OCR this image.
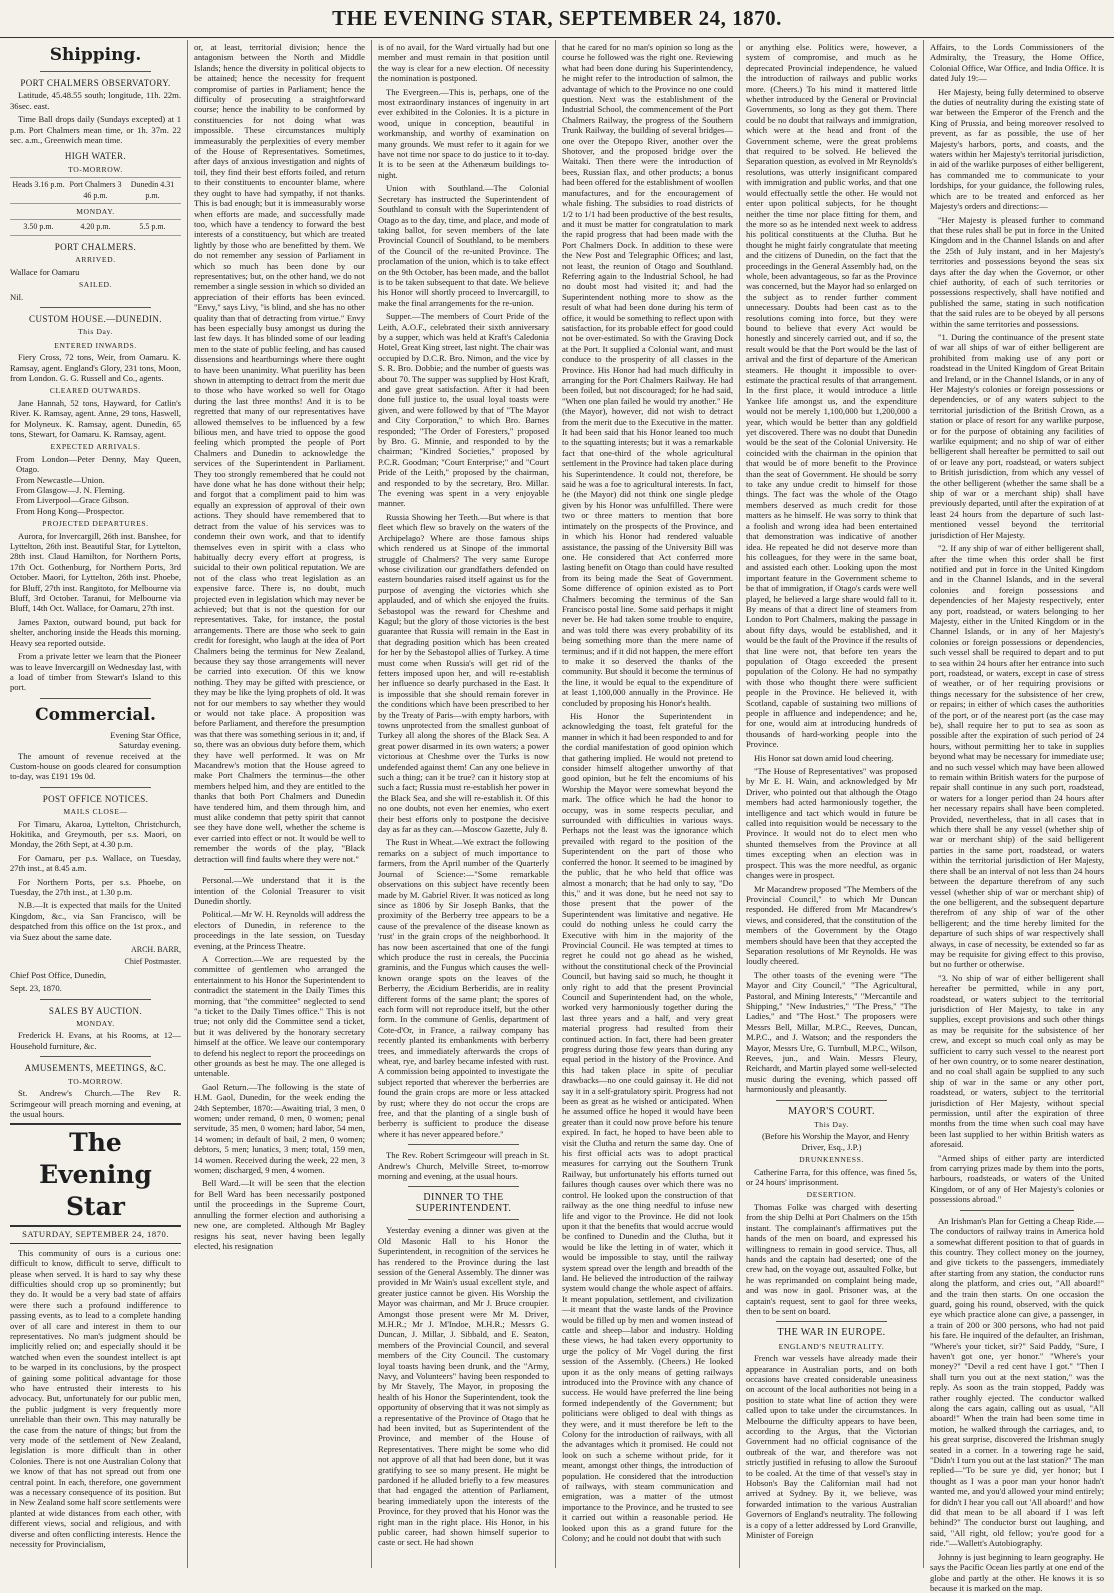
THE EVENING STAR, SEPTEMBER 24, 1870.
Shipping.
PORT CHALMERS OBSERVATORY.

Latitude, 45.48.55 south; longitude, 11h. 22m. 36sec. east.

Time Ball drops daily (Sundays excepted) at 1 p.m. Port Chalmers mean time, or 1h. 37m. 22 sec. a.m., Greenwich mean time.

HIGH WATER.
TO-MORROW.
Heads 3.16 p.m. Port Chalmers 3 46 p.m.
Dunedin 4.31 p.m.
MONDAY.
3.50 p.m.	4.20 p.m.	5.5 p.m.
PORT CHALMERS.
ARRIVED.

Wallace for Oamaru

SAILED.

Nil.

CUSTOM HOUSE.—DUNEDIN.
This Day.
ENTERED INWARDS.

Fiery Cross, 72 tons, Weir, from Oamaru. K. Ramsay, agent. England's Glory, 231 tons, Moon, from London. G. G. Russell and Co., agents.

CLEARED OUTWARDS.

Jane Hannah, 52 tons, Hayward, for Catlin's River. K. Ramsay, agent. Anne, 29 tons, Haswell, for Molyneux. K. Ramsay, agent. Dunedin, 65 tons, Stewart, for Oamaru. K. Ramsay, agent.

EXPECTED ARRIVALS.

From London—Peter Denny, May Queen, Otago.

From Newcastle—Union.

From Glasgow—J. N. Fleming.

From Liverpool—Grace Gibson.

From Hong Kong—Prospector.

PROJECTED DEPARTURES.

Aurora, for Invercargill, 26th inst. Banshee, for Lyttelton, 26th inst. Beautiful Star, for Lyttelton, 28th inst. Claud Hamilton, for Northern Ports, 17th Oct. Gothenburg, for Northern Ports, 3rd October. Maori, for Lyttelton, 26th inst. Phoebe, for Bluff, 27th inst. Rangitoto, for Melbourne via Bluff, 3rd October. Taranui, for Melbourne via Bluff, 14th Oct. Wallace, for Oamaru, 27th inst.

James Paxton, outward bound, put back for shelter, anchoring inside the Heads this morning. Heavy sea reported outside.

From a private letter we learn that the Pioneer was to leave Invercargill on Wednesday last, with a load of timber from Stewart's Island to this port.

Commercial.
Evening Star Office,
Saturday evening.

The amount of revenue received at the Custom-house on goods cleared for consumption to-day, was £191 19s 0d.

POST OFFICE NOTICES.
MAILS CLOSE—

For Timaru, Akaroa, Lyttelton, Christchurch, Hokitika, and Greymouth, per s.s. Maori, on Monday, the 26th Sept, at 4.30 p.m.

For Oamaru, per p.s. Wallace, on Tuesday, 27th inst., at 8.45 a.m.

For Northern Ports, per s.s. Phoebe, on Tuesday, the 27th inst., at 1.30 p.m.

N.B.—It is expected that mails for the United Kingdom, &c., via San Francisco, will be despatched from this office on the 1st prox., and via Suez about the same date.

ARCH. BARR,
Chief Postmaster.

Chief Post Office, Dunedin,

Sept. 23, 1870.

SALES BY AUCTION.
MONDAY.

Frederick H. Evans, at his Rooms, at 12—Household furniture, &c.

AMUSEMENTS, MEETINGS, &C.
TO-MORROW.

St. Andrew's Church.—The Rev R. Scrimgeour will preach morning and evening, at the usual hours.

The Evening Star
SATURDAY, SEPTEMBER 24, 1870.

This community of ours is a curious one: difficult to know, difficult to serve, difficult to please when served. It is hard to say why these difficulties should crop up so prominently; but they do. It would be a very bad state of affairs were there such a profound indifference to passing events, as to lead to a complete handing over of all care and interest in them to our representatives. No man's judgment should be implicitly relied on; and especially should it be watched when even the soundest intellect is apt to be warped in its conclusions, by the prospect of gaining some political advantage for those who have entrusted their interests to his advocacy. But, unfortunately for our public men, the public judgment is very frequently more unreliable than their own. This may naturally be the case from the nature of things; but from the very mode of the settlement of New Zealand, legislation is more difficult than in other Colonies. There is not one Australian Colony that we know of that has not spread out from one central point. In each, therefore, one government was a necessary consequence of its position. But in New Zealand some half score settlements were planted at wide distances from each other, with different views, social and religious, and with diverse and often conflicting interests. Hence the necessity for Provincialism,

or, at least, territorial division; hence the antagonism between the North and Middle Islands; hence the diversity in political objects to be attained; hence the necessity for frequent compromise of parties in Parliament; hence the difficulty of prosecuting a straightforward course; hence the inability to be conformed by constituencies for not doing what was impossible. These circumstances multiply immeasurably the perplexities of every member of the House of Representatives. Sometimes, after days of anxious investigation and nights of toil, they find their best efforts foiled, and return to their constituents to encounter blame, where they ought to have had sympathy, if not thanks. This is bad enough; but it is immeasurably worse when efforts are made, and successfully made too, which have a tendency to forward the best interests of a constituency, but which are treated lightly by those who are benefitted by them. We do not remember any session of Parliament in which so much has been done by our representatives; but, on the other hand, we do not remember a single session in which so divided an appreciation of their efforts has been evinced. "Envy," says Livy, "is blind, and she has no other quality than that of detracting from virtue." Envy has been especially busy amongst us during the last few days. It has blinded some of our leading men to the state of public feeling, and has caused dissensions and heartburnings where there ought to have been unanimity. What puerility has been shown in attempting to detract from the merit due to those who have worked so well for Otago during the last three months! And it is to be regretted that many of our representatives have allowed themselves to be influenced by a few bilious men, and have tried to oppose the good feeling which prompted the people of Port Chalmers and Dunedin to acknowledge the services of the Superintendent in Parliament. They too strongly remembered that he could not have done what he has done without their help; and forgot that a compliment paid to him was equally an expression of approval of their own actions. They should have remembered that to detract from the value of his services was to condemn their own work, and that to identify themselves even in spirit with a class who habitually decry every effort at progress, is suicidal to their own political reputation. We are not of the class who treat legislation as an expensive farce. There is, no doubt, much projected even in legislation which may never be achieved; but that is not the question for our representatives. Take, for instance, the postal arrangements. There are those who seek to gain credit for foresight, who laugh at the idea of Port Chalmers being the terminus for New Zealand, because they say those arrangements will never be carried into execution. Of this we know nothing. They may be gifted with prescience, or they may be like the lying prophets of old. It was not for our members to say whether they would or would not take place. A proposition was before Parliament, and therefore the presumption was that there was something serious in it; and, if so, there was an obvious duty before them, which they have well performed. It was on Mr Macandrew's motion that the House agreed to make Port Chalmers the terminus—the other members helped him, and they are entitled to the thanks that both Port Chalmers and Dunedin have tendered him, and them through him, and must alike condemn that petty spirit that cannot see they have done well, whether the scheme is ever carried into effect or not. It would be well to remember the words of the play, "Black detraction will find faults where they were not."

Personal.—We understand that it is the intention of the Colonial Treasurer to visit Dunedin shortly.

Political.—Mr W. H. Reynolds will address the electors of Dunedin, in reference to the proceedings in the late session, on Tuesday evening, at the Princess Theatre.

A Correction.—We are requested by the committee of gentlemen who arranged the entertainment to his Honor the Superintendent to contradict the statement in the Daily Times this morning, that "the committee" neglected to send "a ticket to the Daily Times office." This is not true; not only did the Committee send a ticket, but it was delivered by the honorary secretary himself at the office. We leave our contemporary to defend his neglect to report the proceedings on other grounds as best he may. The one alleged is untenable.

Gaol Return.—The following is the state of H.M. Gaol, Dunedin, for the week ending the 24th September, 1870:—Awaiting trial, 3 men, 0 women; under remand, 0 men, 0 women; penal servitude, 35 men, 0 women; hard labor, 54 men, 14 women; in default of bail, 2 men, 0 women; debtors, 5 men; lunatics, 3 men; total, 159 men, 14 women. Received during the week, 22 men, 3 women; discharged, 9 men, 4 women.

Bell Ward.—It will be seen that the election for Bell Ward has been necessarily postponed until the proceedings in the Supreme Court, annulling the former election and authorising a new one, are completed. Although Mr Bagley resigns his seat, never having been legally elected, his resignation

is of no avail, for the Ward virtually had but one member and must remain in that position until the way is clear for a new election. Of necessity the nomination is postponed.

The Evergreen.—This is, perhaps, one of the most extraordinary instances of ingenuity in art ever exhibited in the Colonies. It is a picture in wood, unique in conception, beautiful in workmanship, and worthy of examination on many grounds. We must refer to it again for we have not time nor space to do justice to it to-day. It is to be seen at the Athenæum buildings to-night.

Union with Southland.—The Colonial Secretary has instructed the Superintendent of Southland to consult with the Superintendent of Otago as to the day, time, and place, and mode of taking ballot, for seven members of the late Provincial Council of Southland, to be members of the Council of the re-united Province. The proclamation of the union, which is to take effect on the 9th October, has been made, and the ballot is to be taken subsequent to that date. We believe his Honor will shortly proceed to Invercargill, to make the final arrangements for the re-union.

Supper.—The members of Court Pride of the Leith, A.O.F., celebrated their sixth anniversary by a supper, which was held at Kraft's Caledonia Hotel, Great King street, last night. The chair was occupied by D.C.R. Bro. Nimon, and the vice by S. R. Bro. Dobbie; and the number of guests was about 70. The supper was supplied by Host Kraft, and gave great satisfaction. After it had been done full justice to, the usual loyal toasts were given, and were followed by that of "The Mayor and City Corporation," to which Bro. Barnes responded; "The Order of Foresters," proposed by Bro. G. Minnie, and responded to by the chairman; "Kindred Societies," proposed by P.C.R. Goodman; "Court Enterprise;" and "Court Pride of the Leith," proposed by the chairman, and responded to by the secretary, Bro. Millar. The evening was spent in a very enjoyable manner.

Russia Showing her Teeth.—But where is that fleet which flew so bravely on the waters of the Archipelago? Where are those famous ships which rendered us at Sinope of the immortal struggle of Chalmers? The very same Europe whose civilization our grandfathers defended on eastern boundaries raised itself against us for the purpose of avenging the victories which she applauded, and of which she enjoyed the fruits. Sebastopol was the reward for Cheshme and Kagul; but the glory of those victories is the best guarantee that Russia will remain in the East in that degrading position which has been created for her by the Sebastopol allies of Turkey. A time must come when Russia's will get rid of the fetters imposed upon her, and will re-establish her influence so dearly purchased in the East. It is impossible that she should remain forever in the conditions which have been prescribed to her by the Treaty of Paris—with empty harbors, with towns unprotected from the smallest gunboat of Turkey all along the shores of the Black Sea. A great power disarmed in its own waters; a power victorious at Cheshme over the Turks is now undefended against them! Can any one believe in such a thing; can it be true? can it history stop at such a fact; Russia must re-establish her power in the Black Sea, and she will re-establish it. Of this no one doubts, not even her enemies, who exert their best efforts only to postpone the decisive day as far as they can.—Moscow Gazette, July 8.

The Rust in Wheat.—We extract the following remarks on a subject of much importance to farmers, from the April number of the Quarterly Journal of Science:—"Some remarkable observations on this subject have recently been made by M. Gabriel River. It was noticed as long since as 1806 by Sir Joseph Banks, that the proximity of the Berberry tree appears to be a cause of the prevalence of the disease known as 'rust' in the grain crops of the neighborhood. It has now been ascertained that one of the fungi which produce the rust in cereals, the Puccinia graminis, and the Fungus which causes the well-known orange spots on the leaves of the Berberry, the Æcidium Berberidis, are in reality different forms of the same plant; the spores of each form will not reproduce itself, but the other form. In the commune of Genlis, department of Cote-d'Or, in France, a railway company has recently planted its embankments with berberry trees, and immediately afterwards the crops of wheat, rye, and barley became infested with rust. A commission being appointed to investigate the subject reported that wherever the berberries are found the grain crops are more or less attacked by rust; where they do not occur the crops are free, and that the planting of a single bush of berberry is sufficient to produce the disease where it has never appeared before."

The Rev. Robert Scrimgeour will preach in St. Andrew's Church, Melville Street, to-morrow morning and evening, at the usual hours.

DINNER TO THE SUPERINTENDENT.

Yesterday evening a dinner was given at the Old Masonic Hall to his Honor the Superintendent, in recognition of the services he has rendered to the Province during the last session of the General Assembly. The dinner was provided in Mr Wain's usual excellent style, and greater justice cannot be given. His Worship the Mayor was chairman, and Mr J. Bruce croupier. Amongst those present were Mr M. Driver, M.H.R.; Mr J. M'Indoe, M.H.R.; Messrs G. Duncan, J. Millar, J. Sibbald, and E. Seaton, members of the Provincial Council, and several members of the City Council. The customary loyal toasts having been drunk, and the "Army, Navy, and Volunteers" having been responded to by Mr Stavely, The Mayor, in proposing the health of his Honor the Superintendent, took the opportunity of observing that it was not simply as a representative of the Province of Otago that he had been invited, but as Superintendent of the Province, and member of the House of Representatives. There might be some who did not approve of all that had been done, but it was gratifying to see so many present. He might be pardoned if he alluded briefly to a few measures that had engaged the attention of Parliament, bearing immediately upon the interests of the Province, for they proved that his Honor was the right man in the right place. His Honor, in his public career, had shown himself superior to caste or sect. He had shown

that he cared for no man's opinion so long as the course he followed was the right one. Reviewing what had been done during his Superintendency, he might refer to the introduction of salmon, the advantage of which to the Province no one could question. Next was the establishment of the Industrial School, the commencement of the Port Chalmers Railway, the progress of the Southern Trunk Railway, the building of several bridges—one over the Otepopo River, another over the Shotover, and the proposed bridge over the Waitaki. Then there were the introduction of bees, Russian flax, and other products; a bonus had been offered for the establishment of woollen manufactures, and for the encouragement of whale fishing. The subsidies to road districts of 1/2 to 1/1 had been productive of the best results, and it must be matter for congratulation to mark the rapid progress that had been made with the Port Chalmers Dock. In addition to these were the New Post and Telegraphic Offices; and last, not least, the reunion of Otago and Southland. Referring again to the Industrial School, he had no doubt most had visited it; and had the Superintendent nothing more to show as the result of what had been done during his term of office, it would be something to reflect upon with satisfaction, for its probable effect for good could not be over-estimated. So with the Graving Dock at the Port. It supplied a Colonial want, and must conduce to the prosperity of all classes in the Province. His Honor had had much difficulty in arranging for the Port Chalmers Railway. He had been foiled, but not discouraged; for he had said, "When one plan failed he would try another." He (the Mayor), however, did not wish to detract from the merit due to the Executive in the matter. It had been said that his Honor leaned too much to the squatting interests; but it was a remarkable fact that one-third of the whole agricultural settlement in the Province had taken place during his Superintendence. It could not, therefore, be said he was a foe to agricultural interests. In fact, he (the Mayor) did not think one single pledge given by his Honor was unfulfilled. There were two or three matters to mention that bore intimately on the prospects of the Province, and in which his Honor had rendered valuable assistance, the passing of the University Bill was one. He considered that Act conferred more lasting benefit on Otago than could have resulted from its being made the Seat of Government. Some difference of opinion existed as to Port Chalmers becoming the terminus of the San Francisco postal line. Some said perhaps it might never be. He had taken some trouble to enquire, and was told there was every probability of its being something more than the mere name of terminus; and if it did not happen, the mere effort to make it so deserved the thanks of the community. But should it become the terminus of the line, it would be equal to the expenditure of at least 1,100,000 annually in the Province. He concluded by proposing his Honor's health.

His Honor the Superintendent in acknowledging the toast, felt grateful for the manner in which it had been responded to and for the cordial manifestation of good opinion which that gathering implied. He would not pretend to consider himself altogether unworthy of that good opinion, but he felt the encomiums of his Worship the Mayor were somewhat beyond the mark. The office which he had the honor to occupy, was in some respects peculiar, and surrounded with difficulties in various ways. Perhaps not the least was the ignorance which prevailed with regard to the position of the Superintendent on the part of those who conferred the honor. It seemed to be imagined by the public, that he who held that office was almost a monarch; that he had only to say, "Do this," and it was done, but he need not say to those present that the power of the Superintendent was limitative and negative. He could do nothing unless he could carry the Executive with him in the majority of the Provincial Council. He was tempted at times to regret he could not go ahead as he wished, without the constitutional check of the Provincial Council, but having said so much, he thought it only right to add that the present Provincial Council and Superintendent had, on the whole, worked very harmoniously together during the last three years and a half, and very great material progress had resulted from their continued action. In fact, there had been greater progress during those few years than during any equal period in the history of the Province. And this had taken place in spite of peculiar drawbacks—no one could gainsay it. He did not say it in a self-gratulatory spirit. Progress had not been as great as he wished or anticipated. When he assumed office he hoped it would have been greater than it could now prove before his tenure expired. In fact, he hoped to have been able to visit the Clutha and return the same day. One of his first official acts was to adopt practical measures for carrying out the Southern Trunk Railway, but unfortunately his efforts turned out failures though causes over which there was no control. He looked upon the construction of that railway as the one thing needful to infuse new life and vigor to the Province. He did not look upon it that the benefits that would accrue would be confined to Dunedin and the Clutha, but it would be like the letting in of water, which it would be impossible to stay, until the railway system spread over the length and breadth of the land. He believed the introduction of the railway system would change the whole aspect of affairs. It meant population, settlement, and civilization—it meant that the waste lands of the Province would be filled up by men and women instead of cattle and sheep—labor and industry. Holding these views, he had taken every opportunity to urge the policy of Mr Vogel during the first session of the Assembly. (Cheers.) He looked upon it as the only means of getting railways introduced into the Province with any chance of success. He would have preferred the line being formed independently of the Government; but politicians were obliged to deal with things as they were, and it must therefore be left to the Colony for the introduction of railways, with all the advantages which it promised. He could not look on such a scheme without pride, for it meant, amongst other things, the introduction of population. He considered that the introduction of railways, with steam communication and emigration, was a matter of the utmost importance to the Province, and he trusted to see it carried out within a reasonable period. He looked upon this as a grand future for the Colony; and he could not doubt that with such

or anything else. Politics were, however, a system of compromise, and much as he deprecated Provincial independence, he valued the introduction of railways and public works more. (Cheers.) To his mind it mattered little whether introduced by the General or Provincial Governments, so long as they got them. There could be no doubt that railways and immigration, which were at the head and front of the Government scheme, were the great problems that required to be solved. He believed the Separation question, as evolved in Mr Reynolds's resolutions, was utterly insignificant compared with immigration and public works, and that one would effectually settle the other. He would not enter upon political subjects, for he thought neither the time nor place fitting for them, and the more so as he intended next week to address his political constituents at the Clutha. But he thought he might fairly congratulate that meeting and the citizens of Dunedin, on the fact that the proceedings in the General Assembly had, on the whole, been advantageous, so far as the Province was concerned, but the Mayor had so enlarged on the subject as to render further comment unnecessary. Doubts had been cast as to the resolutions coming into force, but they were bound to believe that every Act would be honestly and sincerely carried out, and if so, the result would be that the Port would be the last of arrival and the first of departure of the American steamers. He thought it impossible to over-estimate the practical results of that arrangement. In the first place, it would introduce a little Yankee life amongst us, and the expenditure would not be merely 1,100,000 but 1,200,000 a year, which would be better than any goldfield yet discovered. There was no doubt that Dunedin would be the seat of the Colonial University. He coincided with the chairman in the opinion that that would be of more benefit to the Province than the seat of Government. He should be sorry to take any undue credit to himself for those things. The fact was the whole of the Otago members deserved as much credit for those matters as he himself. He was sorry to think that a foolish and wrong idea had been entertained that demonstration was indicative of another idea. He repeated he did not deserve more than his colleagues, for they were in the same boat, and assisted each other. Looking upon the most important feature in the Government scheme to be that of immigration, if Otago's cards were well played, he believed a large share would fall to it. By means of that a direct line of steamers from London to Port Chalmers, making the passage in about fifty days, would be established, and it would be the fault of the Province if the results of that line were not, that before ten years the population of Otago exceeded the present population of the Colony. He had no sympathy with those who thought there were sufficient people in the Province. He believed it, with Scotland, capable of sustaining two millions of people in affluence and independence; and he, for one, would aim at introducing hundreds of thousands of hard-working people into the Province.

His Honor sat down amid loud cheering.

"The House of Representatives" was proposed by Mr E. H. Wain, and acknowledged by Mr Driver, who pointed out that although the Otago members had acted harmoniously together, the intelligence and tact which would in future be called into requisition would be necessary to the Province. It would not do to elect men who shunted themselves from the Province at all times excepting when an election was in prospect. This was the more needful, as organic changes were in prospect.

Mr Macandrew proposed "The Members of the Provincial Council," to which Mr Duncan responded. He differed from Mr Macandrew's views, and considered, that the constitution of the members of the Government by the Otago members should have been that they accepted the Separation resolutions of Mr Reynolds. He was loudly cheered.

The other toasts of the evening were "The Mayor and City Council," "The Agricultural, Pastoral, and Mining Interests," "Mercantile and Shipping," "New Industries," "The Press," "The Ladies," and "The Host." The proposers were Messrs Bell, Millar, M.P.C., Reeves, Duncan, M.P.C., and J. Watson; and the responders the Mayor, Messrs Ure, G. Turnbull, M.P.C., Wilson, Reeves, jun., and Wain. Messrs Fleury, Reichardt, and Martin played some well-selected music during the evening, which passed off harmoniously and pleasantly.

MAYOR'S COURT.
This Day.

(Before his Worship the Mayor, and Henry Driver, Esq., J.P.)

DRUNKENNESS.

Catherine Farra, for this offence, was fined 5s, or 24 hours' imprisonment.

DESERTION.

Thomas Folke was charged with deserting from the ship Delhi at Port Chalmers on the 15th instant. The complainant's affirmatives put the hands of the men on board, and expressed his willingness to remain in good service. Thus, all hands and the captain had deserted; one of the crew had, on the voyage out, assaulted Folke, but he was reprimanded on complaint being made, and was now in gaol. Prisoner was, at the captain's request, sent to gaol for three weeks, then to be sent on board.

THE WAR IN EUROPE.
ENGLAND'S NEUTRALITY.

French war vessels have already made their appearance in Australian ports, and on both occasions have created considerable uneasiness on account of the local authorities not being in a position to state what line of action they were called upon to take under the circumstances. In Melbourne the difficulty appears to have been, according to the Argus, that the Victorian Government had no official cognisance of the outbreak of the war, and therefore was not strictly justified in refusing to allow the Suroouf to be coaled. At the time of that vessel's stay in Hobson's Bay the Californian mail had not arrived at Sydney. By it, we believe, was forwarded intimation to the various Australian Governors of England's neutrality. The following is a copy of a letter addressed by Lord Granville, Minister of Foreign

Affairs, to the Lords Commissioners of the Admiralty, the Treasury, the Home Office, Colonial Office, War Office, and India Office. It is dated July 19:—

Her Majesty, being fully determined to observe the duties of neutrality during the existing state of war between the Emperor of the French and the King of Prussia, and being moreover resolved to prevent, as far as possible, the use of her Majesty's harbors, ports, and coasts, and the waters within her Majesty's territorial jurisdiction, in aid of the warlike purposes of either belligerent, has commanded me to communicate to your lordships, for your guidance, the following rules, which are to be treated and enforced as her Majesty's orders and directions:—

"Her Majesty is pleased further to command that these rules shall be put in force in the United Kingdom and in the Channel Islands on and after the 25th of July instant, and in her Majesty's territories and possessions beyond the seas six days after the day when the Governor, or other chief authority, of each of such territories or possessions respectively, shall have notified and published the same, stating in such notification that the said rules are to be obeyed by all persons within the same territories and possessions.

"1. During the continuance of the present state of war all ships of war of either belligerent are prohibited from making use of any port or roadstead in the United Kingdom of Great Britain and Ireland, or in the Channel Islands, or in any of Her Majesty's colonies or foreign possessions or dependencies, or of any waters subject to the territorial jurisdiction of the British Crown, as a station or place of resort for any warlike purpose, or for the purpose of obtaining any facilities of warlike equipment; and no ship of war of either belligerent shall hereafter be permitted to sail out of or leave any port, roadstead, or waters subject to British jurisdiction, from which any vessel of the other belligerent (whether the same shall be a ship of war or a merchant ship) shall have previously departed, until after the expiration of at least 24 hours from the departure of such last-mentioned vessel beyond the territorial jurisdiction of Her Majesty.

"2. If any ship of war of either belligerent shall, after the time when this order shall be first notified and put in force in the United Kingdom and in the Channel Islands, and in the several colonies and foreign possessions and dependencies of her Majesty respectively, enter any port, roadstead, or waters belonging to her Majesty, either in the United Kingdom or in the Channel Islands, or in any of her Majesty's colonies or foreign possessions or dependencies, such vessel shall be required to depart and to put to sea within 24 hours after her entrance into such port, roadstead, or waters, except in case of stress of weather, or of her requiring provisions or things necessary for the subsistence of her crew, or repairs; in either of which cases the authorities of the port, or of the nearest port (as the case may be), shall require her to put to sea as soon as possible after the expiration of such period of 24 hours, without permitting her to take in supplies beyond what may be necessary for immediate use; and no such vessel which may have been allowed to remain within British waters for the purpose of repair shall continue in any such port, roadstead, or waters for a longer period than 24 hours after her necessary repairs shall have been completed. Provided, nevertheless, that in all cases that in which there shall be any vessel (whether ship of war or merchant ship) of the said belligerent parties in the same port, roadstead, or waters within the territorial jurisdiction of Her Majesty, there shall be an interval of not less than 24 hours between the departure therefrom of any such vessel (whether ship of war or merchant ship) of the one belligerent, and the subsequent departure therefrom of any ship of war of the other belligerent; and the time hereby limited for the departure of such ships of war respectively shall always, in case of necessity, be extended so far as may be requisite for giving effect to this proviso, but no further or otherwise.

"3. No ship of war of either belligerent shall hereafter be permitted, while in any port, roadstead, or waters subject to the territorial jurisdiction of Her Majesty, to take in any supplies, except provisions and such other things as may be requisite for the subsistence of her crew, and except so much coal only as may be sufficient to carry such vessel to the nearest port of her own country, or to some nearer destination, and no coal shall again be supplied to any such ship of war in the same or any other port, roadstead, or waters, subject to the territorial jurisdiction of Her Majesty, without special permission, until after the expiration of three months from the time when such coal may have been last supplied to her within British waters as aforesaid.

"Armed ships of either party are interdicted from carrying prizes made by them into the ports, harbours, roadsteads, or waters of the United Kingdom, or of any of Her Majesty's colonies or possessions abroad."

An Irishman's Plan for Getting a Cheap Ride.—The conductors of railway trains in America hold a somewhat different position to that of guards in this country. They collect money on the journey, and give tickets to the passengers, immediately after starting from any station, the conductor runs along the platform, and cries out, "All aboard!" and the train then starts. On one occasion the guard, going his round, observed, with the quick eye which practice alone can give, a passenger, in a train of 200 or 300 persons, who had not paid his fare. He inquired of the defaulter, an Irishman, "Where's your ticket, sir?" Said Paddy, "Sure, I haven't got one, yer honor." "Where's your money?" "Devil a red cent have I got." "Then I shall turn you out at the next station," was the reply. As soon as the train stopped, Paddy was rather roughly ejected. The conductor walked along the cars again, calling out as usual, "All aboard!" When the train had been some time in motion, he walked through the carriages, and, to his great surprise, discovered the Irishman snugly seated in a corner. In a towering rage he said, "Didn't I turn you out at the last station?" The man replied—"To be sure ye did, yer honor; but I thought as I was a poor man your honor hadn't wanted me, and you'd allowed your mind entirely; for didn't I hear you call out 'All aboard!' and how did that mean to be all aboard if I was left behind?" The conductor burst out laughing, and said, "All right, old fellow; you're good for a ride."—Wallett's Autobiography.

Johnny is just beginning to learn geography. He says the Pacific Ocean lies partly at one end of the globe and partly at the other. He knows it is so because it is marked on the map.
